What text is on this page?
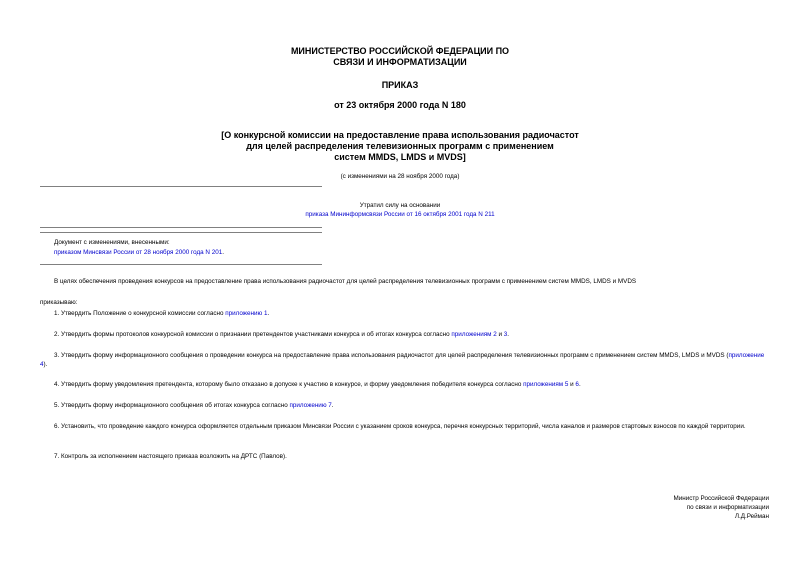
МИНИСТЕРСТВО РОССИЙСКОЙ ФЕДЕРАЦИИ ПО
СВЯЗИ И ИНФОРМАТИЗАЦИИ
ПРИКАЗ
от 23 октября 2000 года N 180
[О конкурсной комиссии на предоставление права использования радиочастот
для целей распределения телевизионных программ с применением
систем MMDS, LMDS и MVDS]
(с изменениями на 28 ноября 2000 года)
Утратил силу на основании
приказа Мининформсвязи России от 16 октября 2001 года N 211
Документ с изменениями, внесенными:
приказом Минсвязи России от 28 ноября 2000 года N 201.
В целях обеспечения проведения конкурсов на предоставление права использования радиочастот для целей распределения телевизионных программ с применением систем MMDS, LMDS и MVDS
приказываю:
1. Утвердить Положение о конкурсной комиссии согласно приложению 1.
2. Утвердить формы протоколов конкурсной комиссии о признании претендентов участниками конкурса и об итогах конкурса согласно приложениям 2 и 3.
3. Утвердить форму информационного сообщения о проведении конкурса на предоставление права использования радиочастот для целей распределения телевизионных программ с применением систем MMDS, LMDS и MVDS (приложение 4).
4. Утвердить форму уведомления претендента, которому было отказано в допуске к участию в конкурсе, и форму уведомления победителя конкурса согласно приложениям 5 и 6.
5. Утвердить форму информационного сообщения об итогах конкурса согласно приложению 7.
6. Установить, что проведение каждого конкурса оформляется отдельным приказом Минсвязи России с указанием сроков конкурса, перечня конкурсных территорий, числа каналов и размеров стартовых взносов по каждой территории.
7. Контроль за исполнением настоящего приказа возложить на ДРТС (Павлов).
Министр Российской Федерации
по связи и информатизации
Л.Д.Рейман
